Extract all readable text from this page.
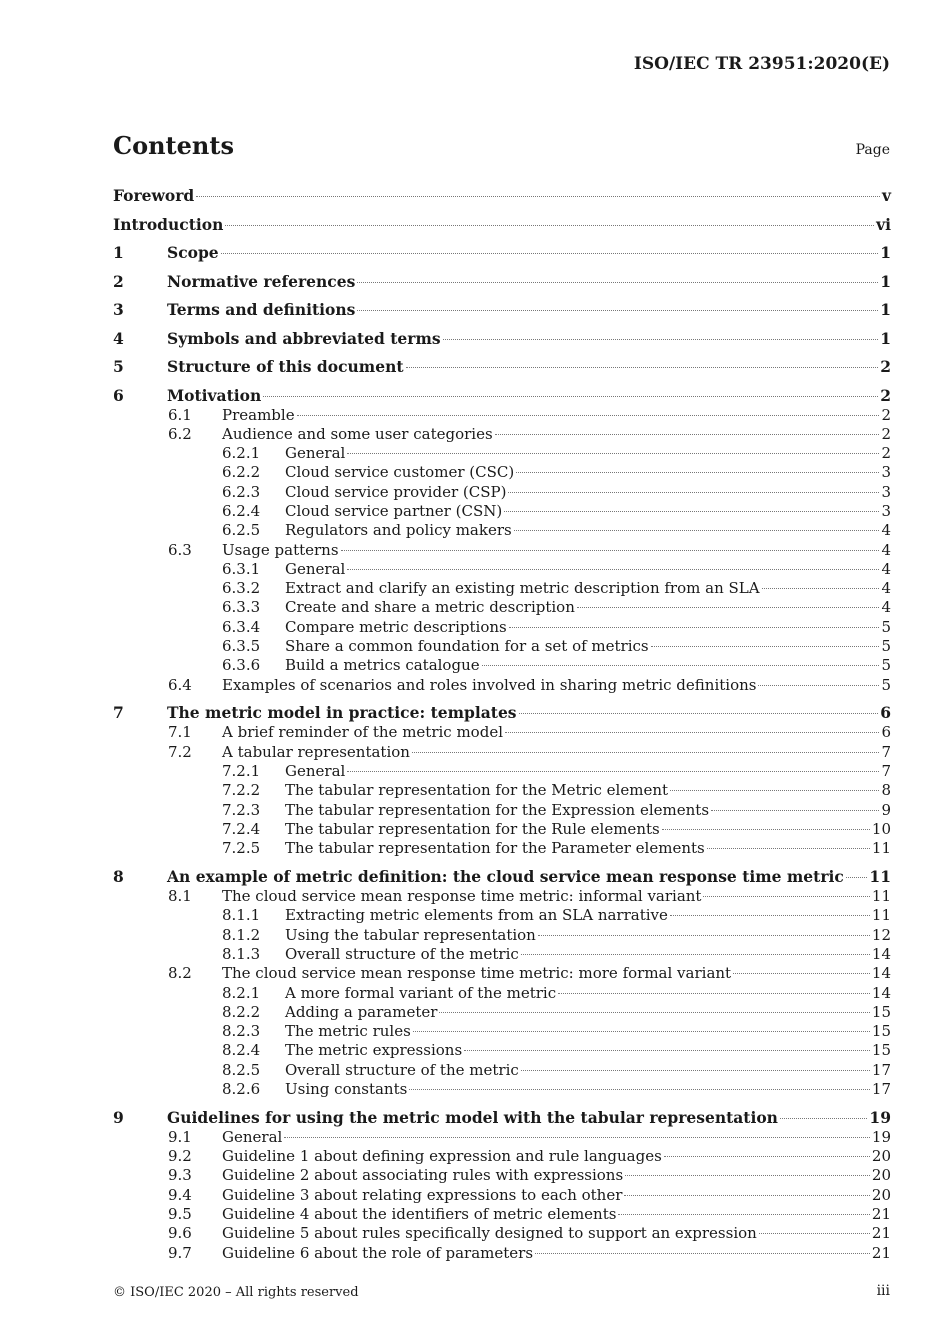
ISO/IEC TR 23951:2020(E)
Contents	Page
Foreword	v
Introduction	vi
1	Scope	1
2	Normative references	1
3	Terms and definitions	1
4	Symbols and abbreviated terms	1
5	Structure of this document	2
6	Motivation	2
6.1 Preamble	2
6.2 Audience and some user categories	2
6.2.1 General	2
6.2.2 Cloud service customer (CSC)	3
6.2.3 Cloud service provider (CSP)	3
6.2.4 Cloud service partner (CSN)	3
6.2.5 Regulators and policy makers	4
6.3 Usage patterns	4
6.3.1 General	4
6.3.2 Extract and clarify an existing metric description from an SLA	4
6.3.3 Create and share a metric description	4
6.3.4 Compare metric descriptions	5
6.3.5 Share a common foundation for a set of metrics	5
6.3.6 Build a metrics catalogue	5
6.4 Examples of scenarios and roles involved in sharing metric definitions	5
7	The metric model in practice: templates	6
7.1 A brief reminder of the metric model	6
7.2 A tabular representation	7
7.2.1 General	7
7.2.2 The tabular representation for the Metric element	8
7.2.3 The tabular representation for the Expression elements	9
7.2.4 The tabular representation for the Rule elements	10
7.2.5 The tabular representation for the Parameter elements	11
8	An example of metric definition: the cloud service mean response time metric 11
8.1 The cloud service mean response time metric: informal variant	11
8.1.1 Extracting metric elements from an SLA narrative	11
8.1.2 Using the tabular representation	12
8.1.3 Overall structure of the metric	14
8.2 The cloud service mean response time metric: more formal variant	14
8.2.1 A more formal variant of the metric	14
8.2.2 Adding a parameter	15
8.2.3 The metric rules	15
8.2.4 The metric expressions	15
8.2.5 Overall structure of the metric	17
8.2.6 Using constants	17
9	Guidelines for using the metric model with the tabular representation	19
9.1 General	19
9.2 Guideline 1 about defining expression and rule languages	20
9.3 Guideline 2 about associating rules with expressions	20
9.4 Guideline 3 about relating expressions to each other	20
9.5 Guideline 4 about the identifiers of metric elements	21
9.6 Guideline 5 about rules specifically designed to support an expression	21
9.7 Guideline 6 about the role of parameters	21
© ISO/IEC 2020 – All rights reserved	iii
